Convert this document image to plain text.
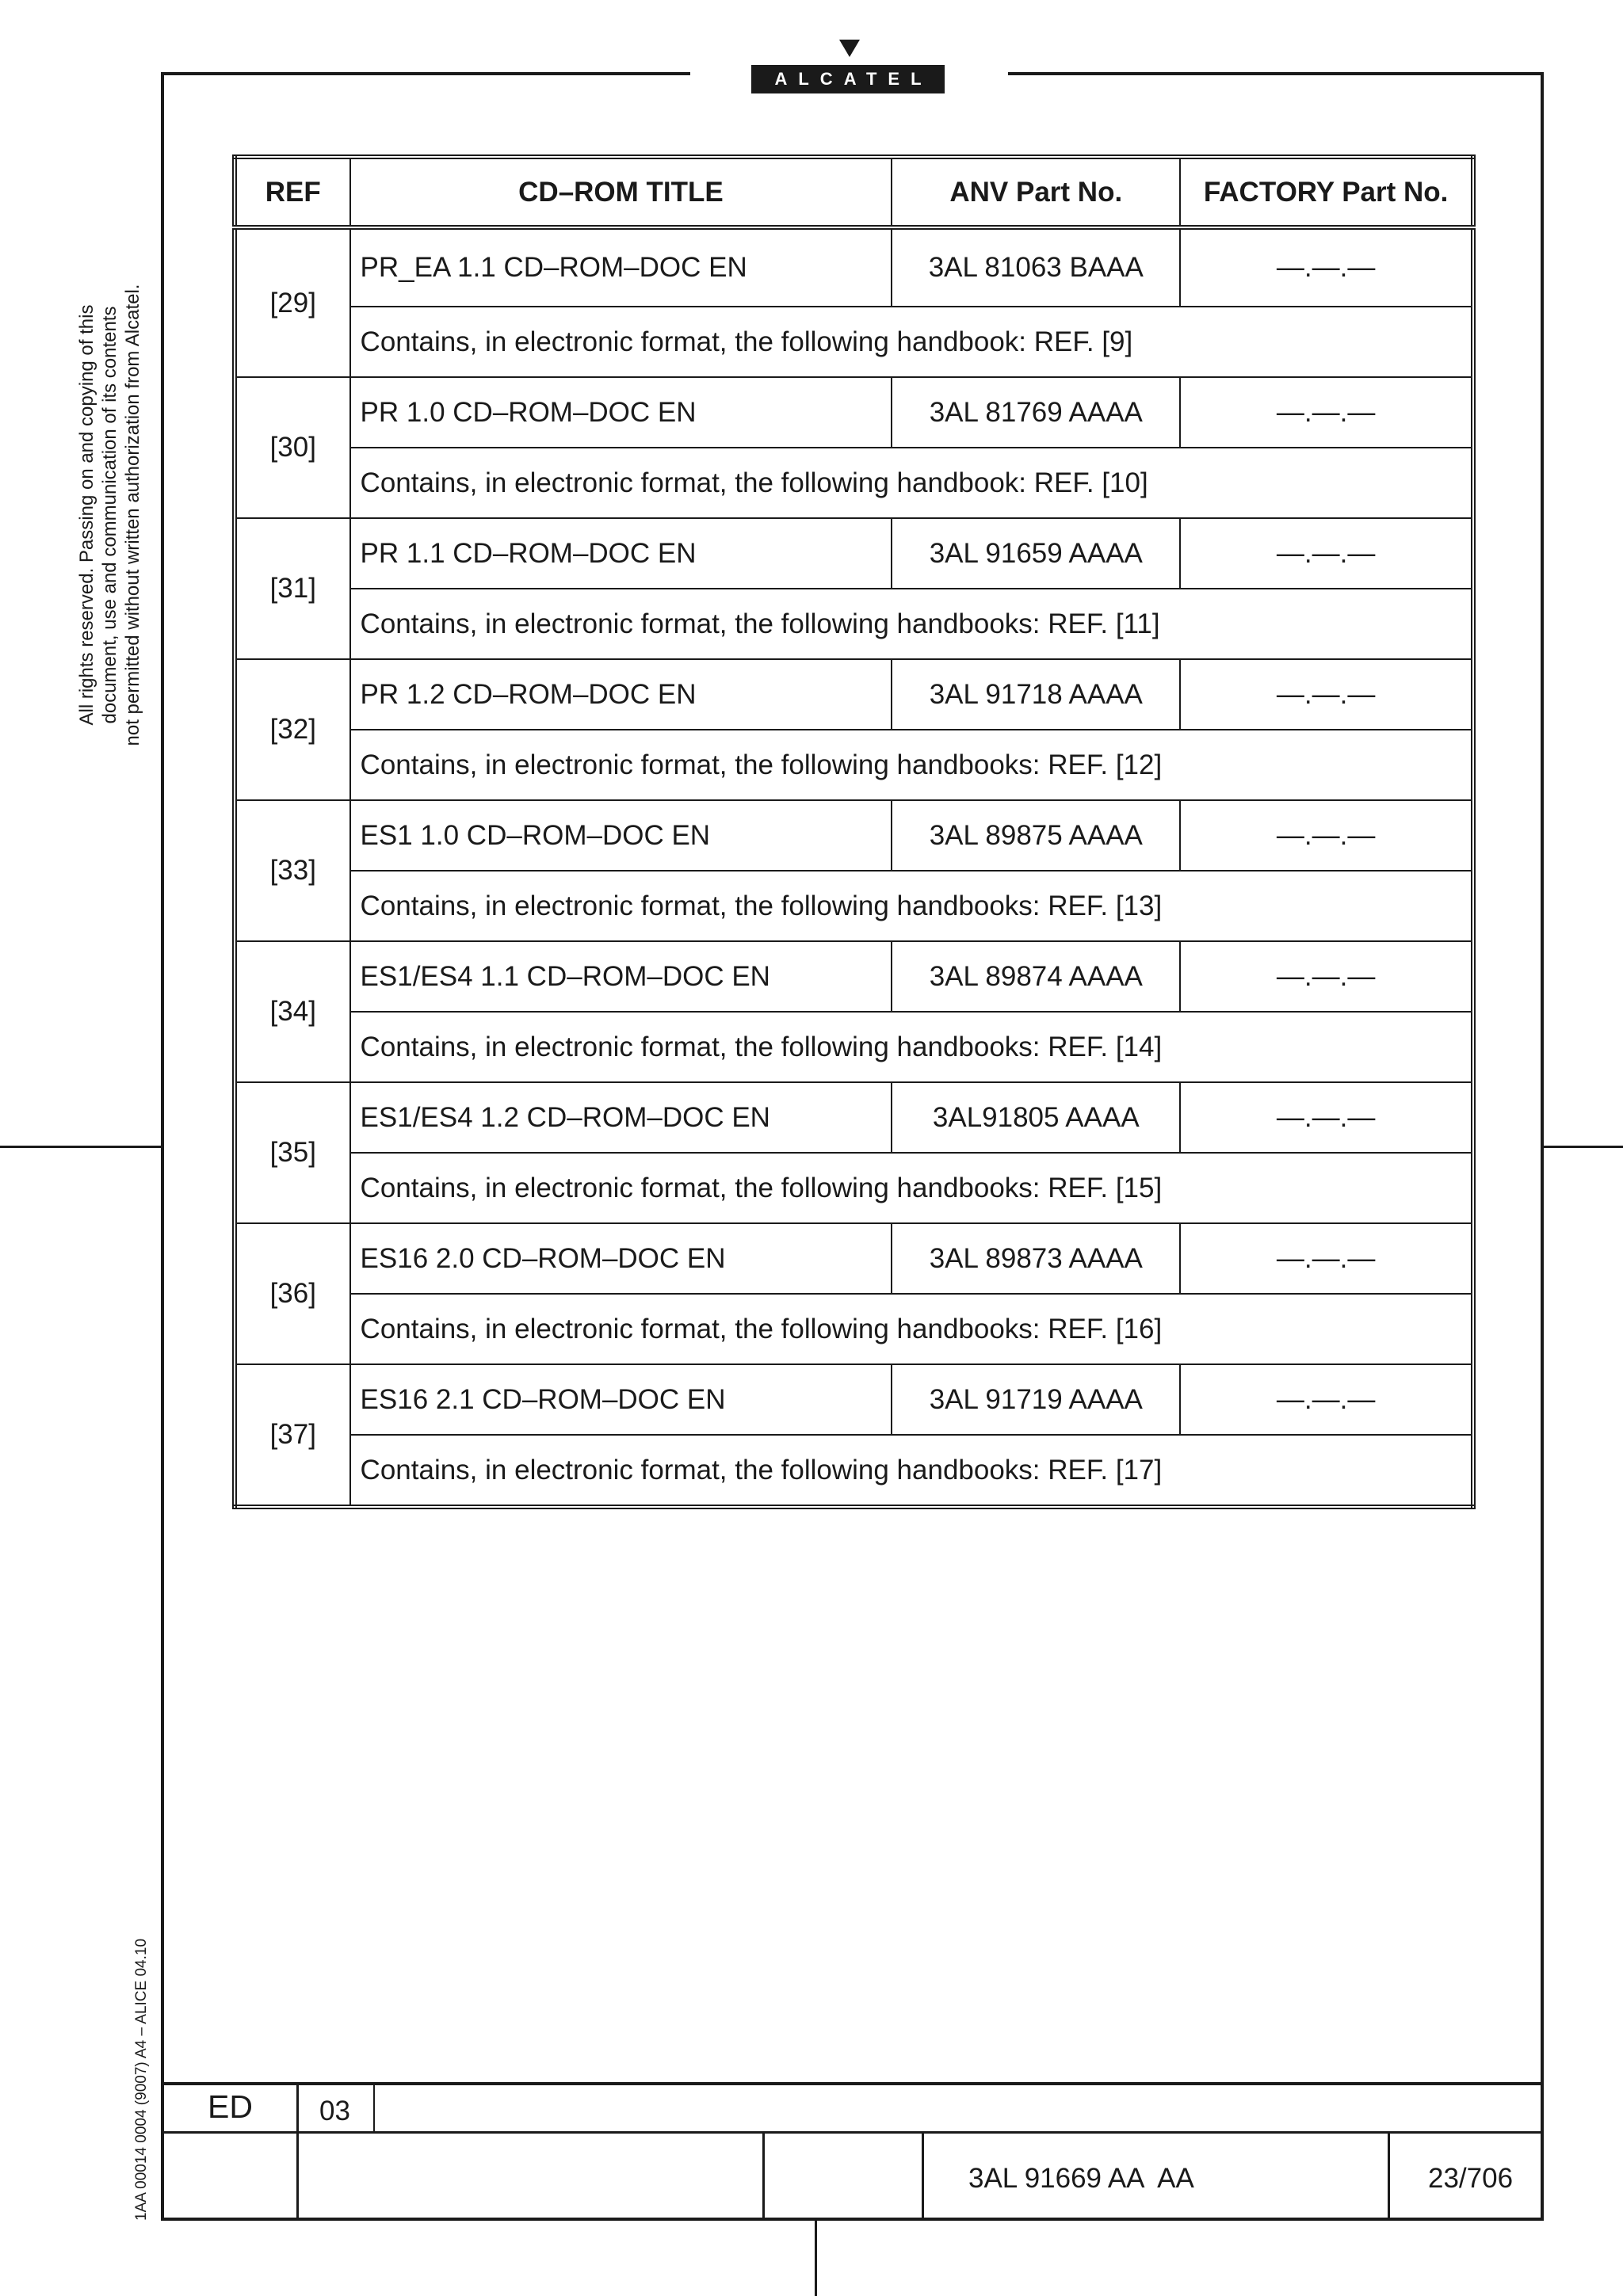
ALCATEL
All rights reserved. Passing on and copying of this document, use and communication of its contents not permitted without written authorization from Alcatel.
1AA 00014 0004 (9007) A4 – ALICE 04.10
REF	CD–ROM TITLE	ANV Part No.	FACTORY Part No.
[29]	PR_EA 1.1 CD–ROM–DOC EN	3AL 81063 BAAA	—.—.—
	Contains, in electronic format, the following handbook: REF. [9]		
[30]	PR 1.0 CD–ROM–DOC EN	3AL 81769 AAAA	—.—.—
	Contains, in electronic format, the following handbook: REF. [10]		
[31]	PR 1.1 CD–ROM–DOC EN	3AL 91659 AAAA	—.—.—
	Contains, in electronic format, the following handbooks: REF. [11]		
[32]	PR 1.2 CD–ROM–DOC EN	3AL 91718 AAAA	—.—.—
	Contains, in electronic format, the following handbooks: REF. [12]		
[33]	ES1 1.0 CD–ROM–DOC EN	3AL 89875 AAAA	—.—.—
	Contains, in electronic format, the following handbooks: REF. [13]		
[34]	ES1/ES4 1.1 CD–ROM–DOC EN	3AL 89874 AAAA	—.—.—
	Contains, in electronic format, the following handbooks: REF. [14]		
[35]	ES1/ES4 1.2 CD–ROM–DOC EN	3AL91805 AAAA	—.—.—
	Contains, in electronic format, the following handbooks: REF. [15]		
[36]	ES16 2.0 CD–ROM–DOC EN	3AL 89873 AAAA	—.—.—
	Contains, in electronic format, the following handbooks: REF. [16]		
[37]	ES16 2.1 CD–ROM–DOC EN	3AL 91719 AAAA	—.—.—
	Contains, in electronic format, the following handbooks: REF. [17]		
ED 03
3AL 91669 AA  AA	23/706
